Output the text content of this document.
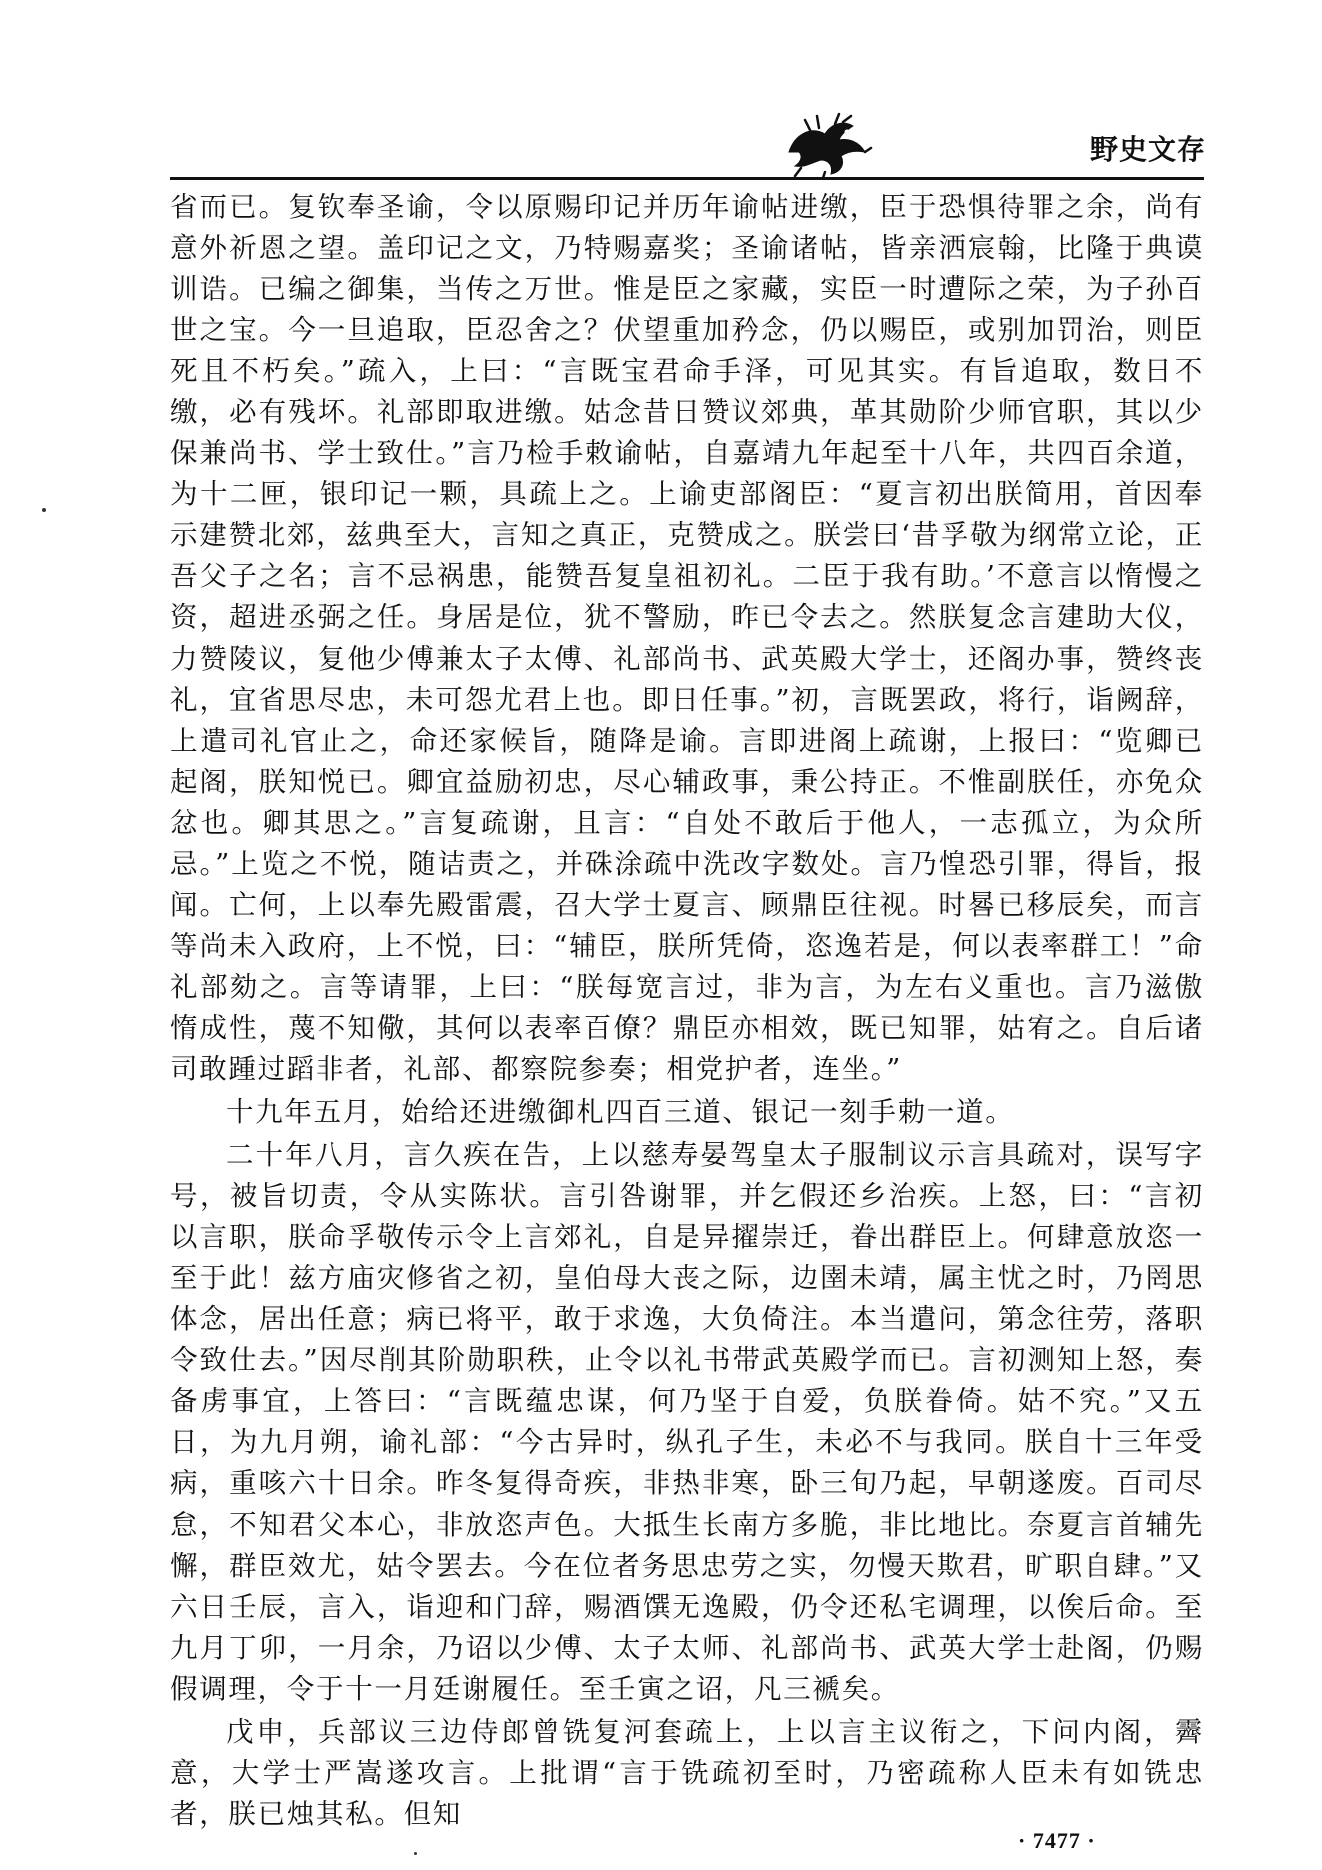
野史文存

省而已。复钦奉圣谕，令以原赐印记并历年谕帖进缴，臣于恐惧待罪之余，尚有意外祈恩之望。盖印记之文，乃特赐嘉奖；圣谕诸帖，皆亲洒宸翰，比隆于典谟训诰。已编之御集，当传之万世。惟是臣之家藏，实臣一时遭际之荣，为子孙百世之宝。今一旦追取，臣忍舍之？伏望重加矜念，仍以赐臣，或别加罚治，则臣死且不朽矣。”疏入，上曰：“言既宝君命手泽，可见其实。有旨追取，数日不缴，必有残坏。礼部即取进缴。姑念昔日赞议郊典，革其勋阶少师官职，其以少保兼尚书、学士致仕。”言乃检手敕谕帖，自嘉靖九年起至十八年，共四百余道，为十二匣，银印记一颗，具疏上之。上谕吏部阁臣：“夏言初出朕简用，首因奉示建赞北郊，兹典至大，言知之真正，克赞成之。朕尝曰‘昔孚敬为纲常立论，正吾父子之名；言不忌祸患，能赞吾复皇祖初礼。二臣于我有助。’不意言以惰慢之资，超进丞弼之任。身居是位，犹不警励，昨已令去之。然朕复念言建助大仪，力赞陵议，复他少傅兼太子太傅、礼部尚书、武英殿大学士，还阁办事，赞终丧礼，宜省思尽忠，未可怨尤君上也。即日任事。”初，言既罢政，将行，诣阙辞，上遣司礼官止之，命还家候旨，随降是谕。言即进阁上疏谢，上报曰：“览卿已起阁，朕知悦已。卿宜益励初忠，尽心辅政事，秉公持正。不惟副朕任，亦免众忿也。卿其思之。”言复疏谢，且言：“自处不敢后于他人，一志孤立，为众所忌。”上览之不悦，随诘责之，并硃涂疏中洗改字数处。言乃惶恐引罪，得旨，报闻。亡何，上以奉先殿雷震，召大学士夏言、顾鼎臣往视。时晷已移辰矣，而言等尚未入政府，上不悦，曰：“辅臣，朕所凭倚，恣逸若是，何以表率群工！”命礼部劾之。言等请罪，上曰：“朕每宽言过，非为言，为左右义重也。言乃滋傲惰成性，蔑不知儆，其何以表率百僚？鼎臣亦相效，既已知罪，姑宥之。自后诸司敢踵过蹈非者，礼部、都察院参奏；相党护者，连坐。”

十九年五月，始给还进缴御札四百三道、银记一刻手勅一道。

二十年八月，言久疾在告，上以慈寿晏驾皇太子服制议示言具疏对，误写字号，被旨切责，令从实陈状。言引咎谢罪，并乞假还乡治疾。上怒，曰：“言初以言职，朕命孚敬传示令上言郊礼，自是异擢崇迁，眷出群臣上。何肆意放恣一至于此！兹方庙灾修省之初，皇伯母大丧之际，边圉未靖，属主忧之时，乃罔思体念，居出任意；病已将平，敢于求逸，大负倚注。本当遣问，第念往劳，落职令致仕去。”因尽削其阶勋职秩，止令以礼书带武英殿学而已。言初测知上怒，奏备虏事宜，上答曰：“言既蕴忠谋，何乃坚于自爱，负朕眷倚。姑不究。”又五日，为九月朔，谕礼部：“今古异时，纵孔子生，未必不与我同。朕自十三年受病，重咳六十日余。昨冬复得奇疾，非热非寒，卧三旬乃起，早朝遂废。百司尽怠，不知君父本心，非放恣声色。大抵生长南方多脆，非比地比。奈夏言首辅先懈，群臣效尤，姑令罢去。今在位者务思忠劳之实，勿慢天欺君，旷职自肆。”又六日壬辰，言入，诣迎和门辞，赐酒馔无逸殿，仍令还私宅调理，以俟后命。至九月丁卯，一月余，乃诏以少傅、太子太师、礼部尚书、武英大学士赴阁，仍赐假调理，令于十一月廷谢履任。至壬寅之诏，凡三褫矣。

戊申，兵部议三边侍郎曾铣复河套疏上，上以言主议衔之，下问内阁，霽意，大学士严嵩遂攻言。上批谓“言于铣疏初至时，乃密疏称人臣未有如铣忠者，朕已烛其私。但知

· 7477 ·
